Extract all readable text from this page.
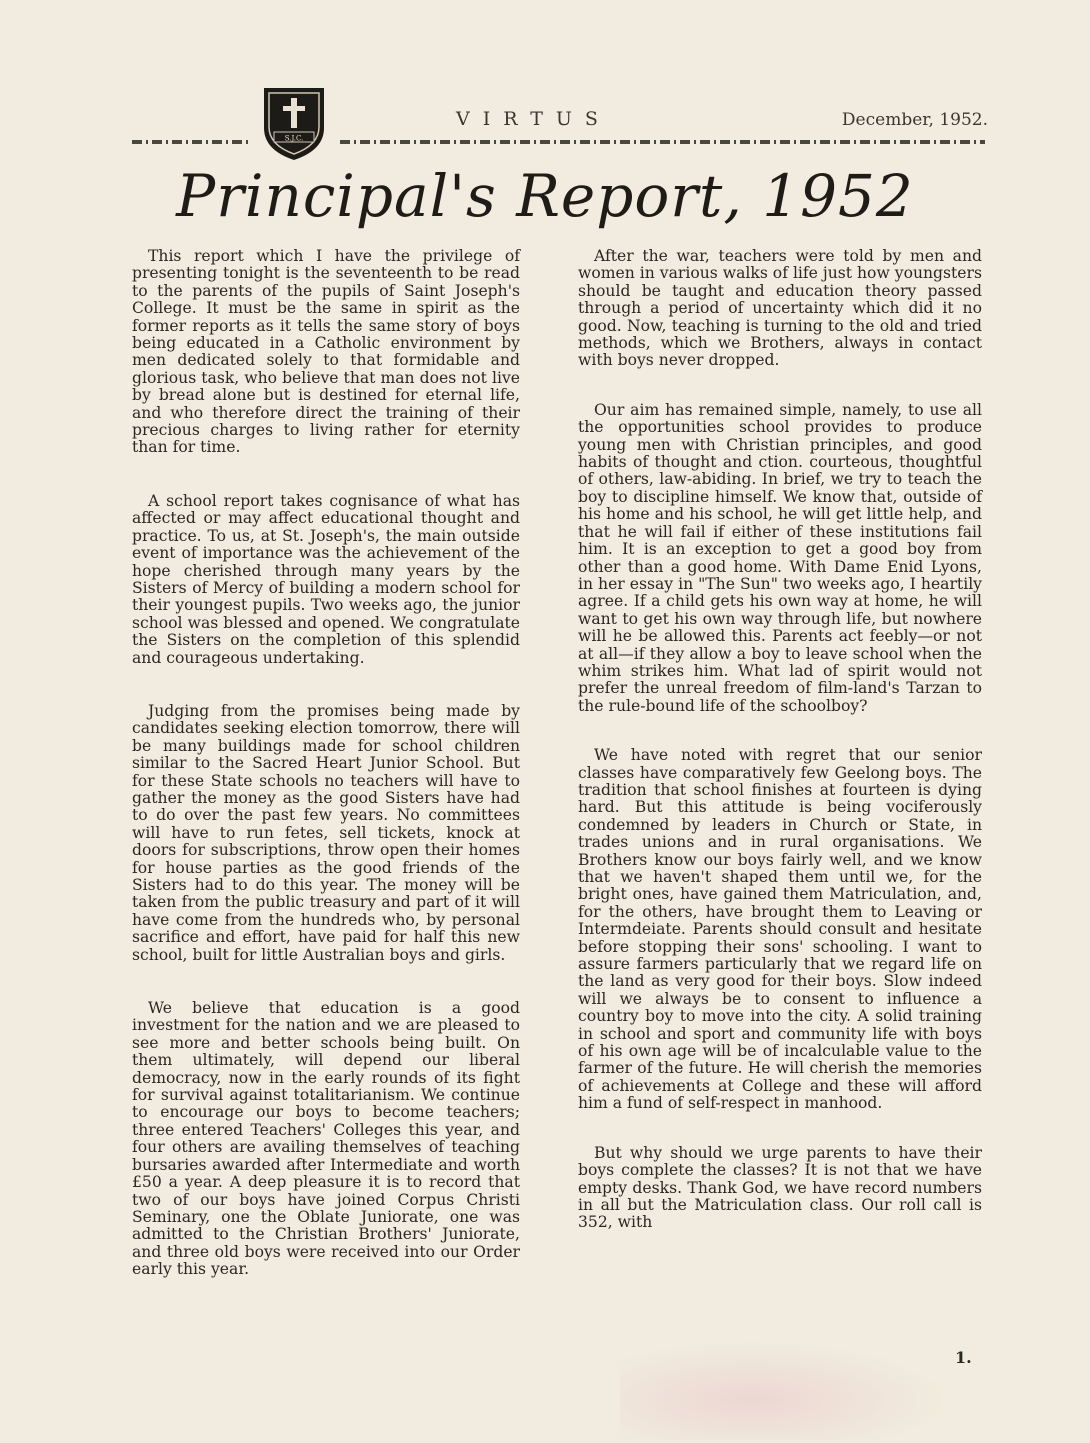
S.J.C.
VIRTUS	December, 1952.
Principal's Report, 1952

This report which I have the privilege of presenting tonight is the seventeenth to be read to the parents of the pupils of Saint Joseph's College. It must be the same in spirit as the former reports as it tells the same story of boys being educated in a Catholic environment by men dedicated solely to that formidable and glorious task, who believe that man does not live by bread alone but is destined for eternal life, and who therefore direct the training of their precious charges to living rather for eternity than for time.

A school report takes cognisance of what has affected or may affect educational thought and practice. To us, at St. Joseph's, the main outside event of importance was the achievement of the hope cherished through many years by the Sisters of Mercy of building a modern school for their youngest pupils. Two weeks ago, the junior school was blessed and opened. We congratulate the Sisters on the completion of this splendid and courageous undertaking.

Judging from the promises being made by candidates seeking election tomorrow, there will be many buildings made for school children similar to the Sacred Heart Junior School. But for these State schools no teachers will have to gather the money as the good Sisters have had to do over the past few years. No committees will have to run fetes, sell tickets, knock at doors for subscriptions, throw open their homes for house parties as the good friends of the Sisters had to do this year. The money will be taken from the public treasury and part of it will have come from the hundreds who, by personal sacrifice and effort, have paid for half this new school, built for little Australian boys and girls.

We believe that education is a good investment for the nation and we are pleased to see more and better schools being built. On them ultimately, will depend our liberal democracy, now in the early rounds of its fight for survival against totalitarianism. We continue to encourage our boys to become teachers; three entered Teachers' Colleges this year, and four others are availing themselves of teaching bursaries awarded after Intermediate and worth £50 a year. A deep pleasure it is to record that two of our boys have joined Corpus Christi Seminary, one the Oblate Juniorate, one was admitted to the Christian Brothers' Juniorate, and three old boys were received into our Order early this year.

After the war, teachers were told by men and women in various walks of life just how youngsters should be taught and education theory passed through a period of uncertainty which did it no good. Now, teaching is turning to the old and tried methods, which we Brothers, always in contact with boys never dropped.

Our aim has remained simple, namely, to use all the opportunities school provides to produce young men with Christian principles, and good habits of thought and ction. courteous, thoughtful of others, law-abiding. In brief, we try to teach the boy to discipline himself. We know that, outside of his home and his school, he will get little help, and that he will fail if either of these institutions fail him. It is an exception to get a good boy from other than a good home. With Dame Enid Lyons, in her essay in "The Sun" two weeks ago, I heartily agree. If a child gets his own way at home, he will want to get his own way through life, but nowhere will he be allowed this. Parents act feebly—or not at all—if they allow a boy to leave school when the whim strikes him. What lad of spirit would not prefer the unreal freedom of film-land's Tarzan to the rule-bound life of the schoolboy?

We have noted with regret that our senior classes have comparatively few Geelong boys. The tradition that school finishes at fourteen is dying hard. But this attitude is being vociferously condemned by leaders in Church or State, in trades unions and in rural organisations. We Brothers know our boys fairly well, and we know that we haven't shaped them until we, for the bright ones, have gained them Matriculation, and, for the others, have brought them to Leaving or Intermdeiate. Parents should consult and hesitate before stopping their sons' schooling. I want to assure farmers particularly that we regard life on the land as very good for their boys. Slow indeed will we always be to consent to influence a country boy to move into the city. A solid training in school and sport and community life with boys of his own age will be of incalculable value to the farmer of the future. He will cherish the memories of achievements at College and these will afford him a fund of self-respect in manhood.

But why should we urge parents to have their boys complete the classes? It is not that we have empty desks. Thank God, we have record numbers in all but the Matriculation class. Our roll call is 352, with

1.
